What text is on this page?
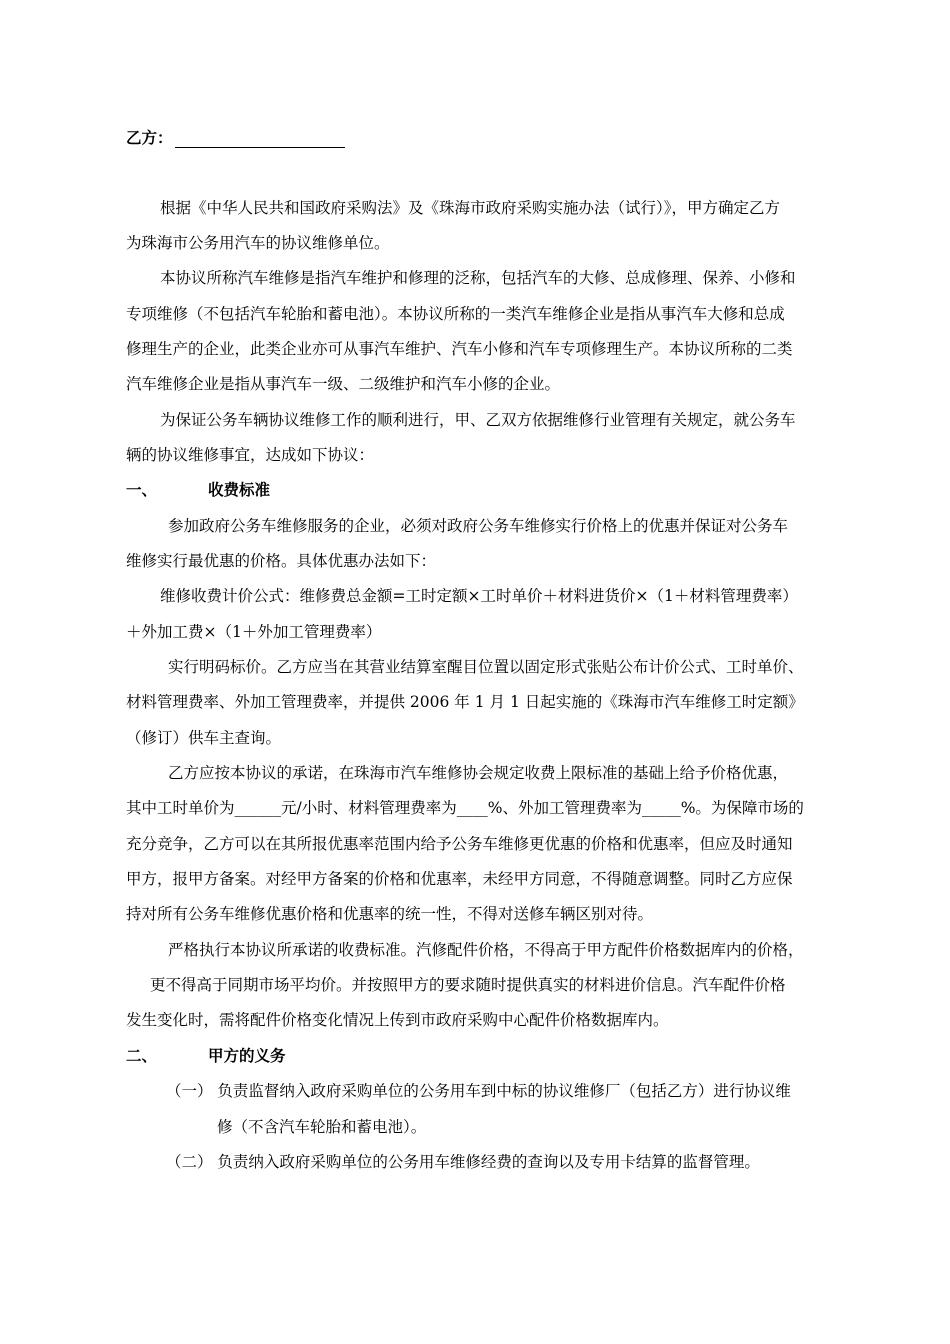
乙方：
根据《中华人民共和国政府采购法》及《珠海市政府采购实施办法（试行）》，甲方确定乙方
为珠海市公务用汽车的协议维修单位。
本协议所称汽车维修是指汽车维护和修理的泛称，包括汽车的大修、总成修理、保养、小修和
专项维修（不包括汽车轮胎和蓄电池）。本协议所称的一类汽车维修企业是指从事汽车大修和总成
修理生产的企业，此类企业亦可从事汽车维护、汽车小修和汽车专项修理生产。本协议所称的二类
汽车维修企业是指从事汽车一级、二级维护和汽车小修的企业。
为保证公务车辆协议维修工作的顺利进行，甲、乙双方依据维修行业管理有关规定，就公务车
辆的协议维修事宜，达成如下协议：
一、	收费标准
参加政府公务车维修服务的企业，必须对政府公务车维修实行价格上的优惠并保证对公务车
维修实行最优惠的价格。具体优惠办法如下：
维修收费计价公式：维修费总金额=工时定额×工时单价＋材料进货价×（1＋材料管理费率）
＋外加工费×（1＋外加工管理费率）
实行明码标价。乙方应当在其营业结算室醒目位置以固定形式张贴公布计价公式、工时单价、
材料管理费率、外加工管理费率，并提供 2006 年 1 月 1 日起实施的《珠海市汽车维修工时定额》
（修订）供车主查询。
乙方应按本协议的承诺，在珠海市汽车维修协会规定收费上限标准的基础上给予价格优惠，
其中工时单价为______元/小时、材料管理费率为____%、外加工管理费率为_____%。为保障市场的
充分竞争，乙方可以在其所报优惠率范围内给予公务车维修更优惠的价格和优惠率，但应及时通知
甲方，报甲方备案。对经甲方备案的价格和优惠率，未经甲方同意，不得随意调整。同时乙方应保
持对所有公务车维修优惠价格和优惠率的统一性，不得对送修车辆区别对待。
严格执行本协议所承诺的收费标准。汽修配件价格，不得高于甲方配件价格数据库内的价格，
更不得高于同期市场平均价。并按照甲方的要求随时提供真实的材料进价信息。汽车配件价格
发生变化时，需将配件价格变化情况上传到市政府采购中心配件价格数据库内。
二、	甲方的义务
（一） 负责监督纳入政府采购单位的公务用车到中标的协议维修厂（包括乙方）进行协议维
修（不含汽车轮胎和蓄电池）。
（二） 负责纳入政府采购单位的公务用车维修经费的查询以及专用卡结算的监督管理。
